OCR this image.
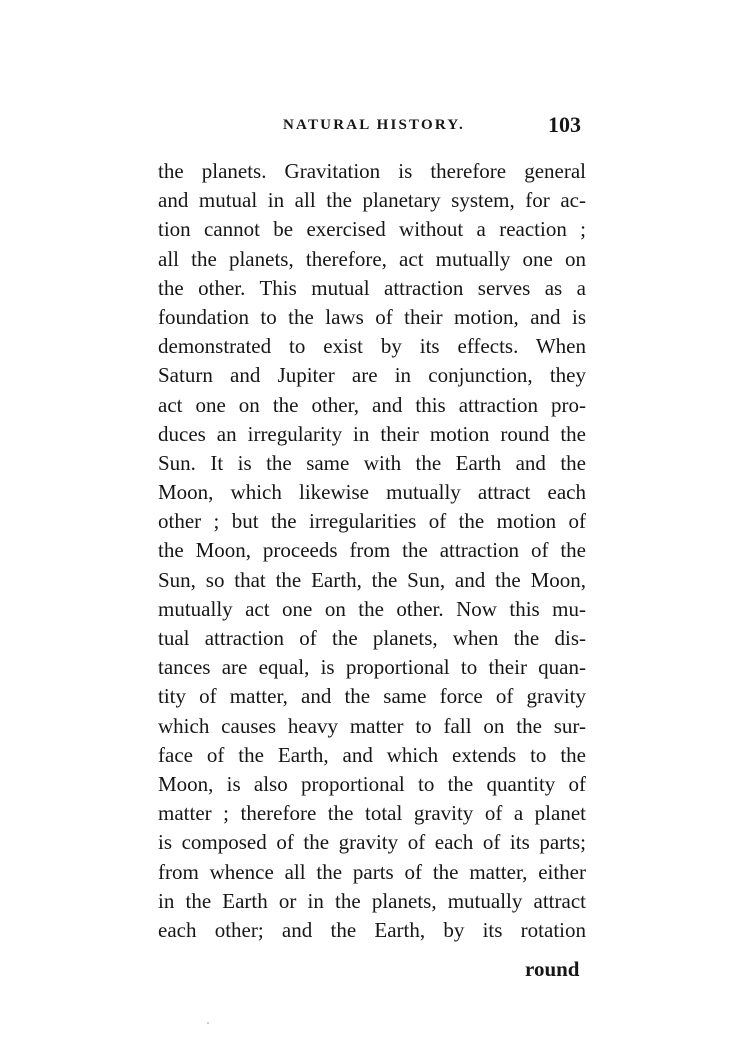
NATURAL HISTORY.	103
the planets. Gravitation is therefore general
and mutual in all the planetary system, for ac-
tion cannot be exercised without a reaction ;
all the planets, therefore, act mutually one on
the other. This mutual attraction serves as a
foundation to the laws of their motion, and is
demonstrated to exist by its effects. When
Saturn and Jupiter are in conjunction, they
act one on the other, and this attraction pro-
duces an irregularity in their motion round the
Sun. It is the same with the Earth and the
Moon, which likewise mutually attract each
other ; but the irregularities of the motion of
the Moon, proceeds from the attraction of the
Sun, so that the Earth, the Sun, and the Moon,
mutually act one on the other. Now this mu-
tual attraction of the planets, when the dis-
tances are equal, is proportional to their quan-
tity of matter, and the same force of gravity
which causes heavy matter to fall on the sur-
face of the Earth, and which extends to the
Moon, is also proportional to the quantity of
matter ; therefore the total gravity of a planet
is composed of the gravity of each of its parts;
from whence all the parts of the matter, either
in the Earth or in the planets, mutually attract
each other; and the Earth, by its rotation
round
